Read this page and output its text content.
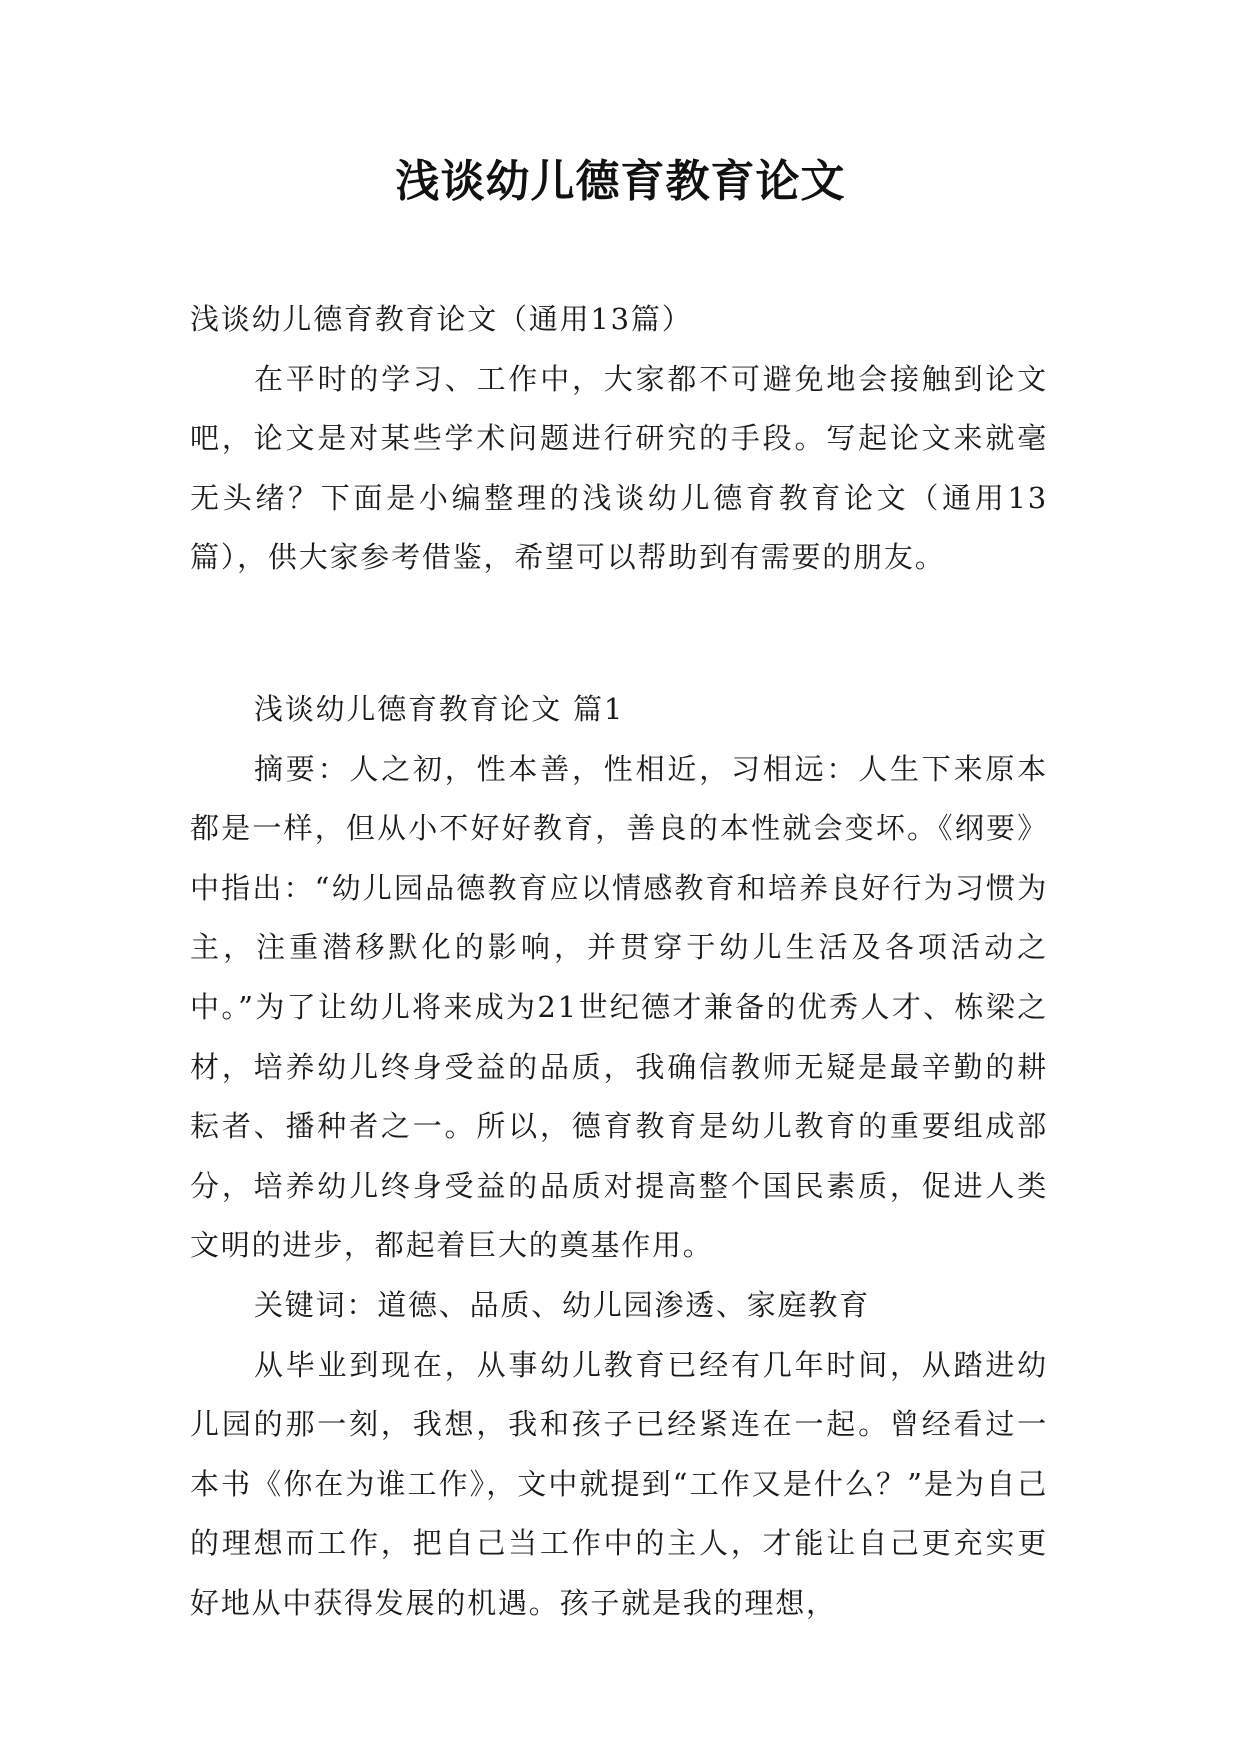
浅谈幼儿德育教育论文

浅谈幼儿德育教育论文（通用13篇）

在平时的学习、工作中，大家都不可避免地会接触到论文吧，论文是对某些学术问题进行研究的手段。写起论文来就毫无头绪？下面是小编整理的浅谈幼儿德育教育论文（通用13篇），供大家参考借鉴，希望可以帮助到有需要的朋友。

浅谈幼儿德育教育论文 篇1

摘要：人之初，性本善，性相近，习相远：人生下来原本都是一样，但从小不好好教育，善良的本性就会变坏。《纲要》中指出：“幼儿园品德教育应以情感教育和培养良好行为习惯为主，注重潜移默化的影响，并贯穿于幼儿生活及各项活动之中。”为了让幼儿将来成为21世纪德才兼备的优秀人才、栋梁之材，培养幼儿终身受益的品质，我确信教师无疑是最辛勤的耕耘者、播种者之一。所以，德育教育是幼儿教育的重要组成部分，培养幼儿终身受益的品质对提高整个国民素质，促进人类文明的进步，都起着巨大的奠基作用。

关键词：道德、品质、幼儿园渗透、家庭教育

从毕业到现在，从事幼儿教育已经有几年时间，从踏进幼儿园的那一刻，我想，我和孩子已经紧连在一起。曾经看过一本书《你在为谁工作》，文中就提到“工作又是什么？”是为自己的理想而工作，把自己当工作中的主人，才能让自己更充实更好地从中获得发展的机遇。孩子就是我的理想，
